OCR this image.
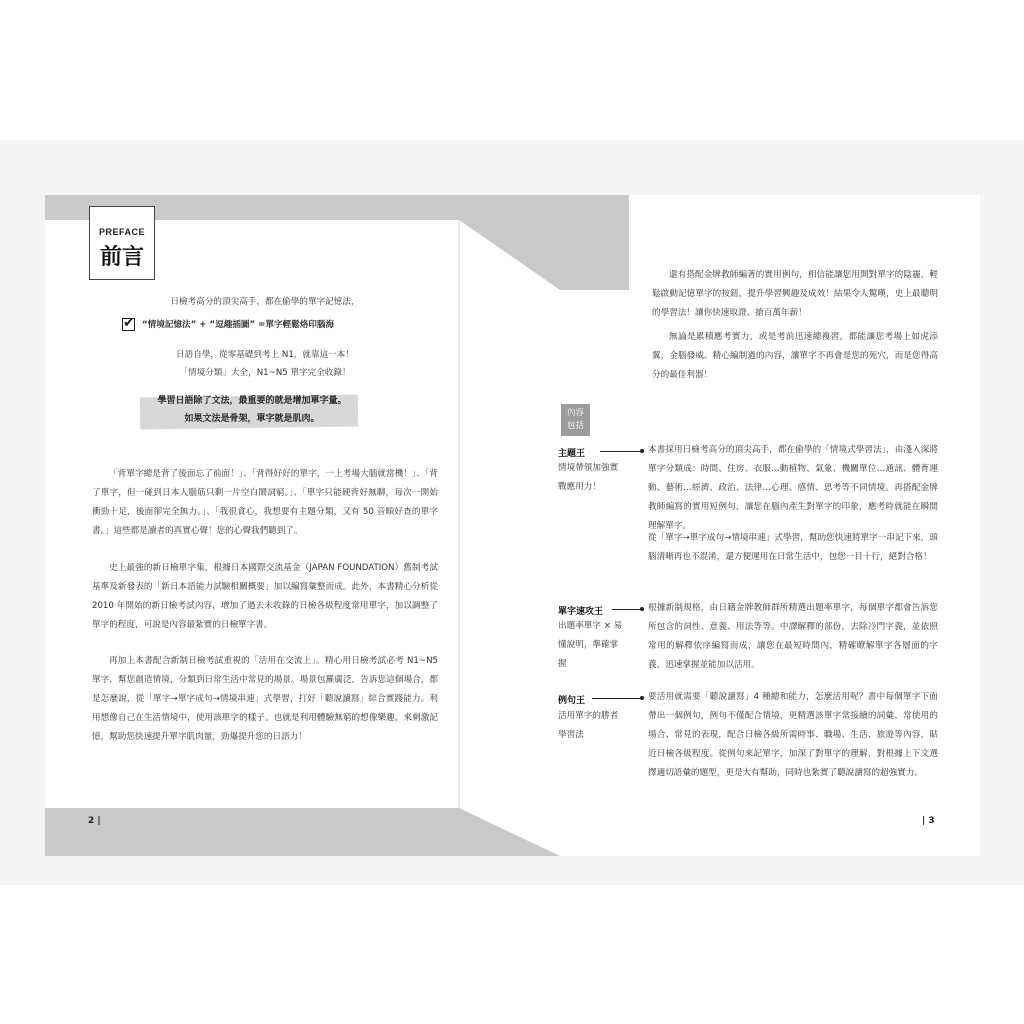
PREFACE
前言
日檢考高分的頂尖高手，都在偷學的單字記憶法，
✔ “情境記憶法” + “逗趣插圖” =單字輕鬆烙印腦海
日語自學，從零基礎到考上 N1，就靠這一本！
「情境分類」大全，N1~N5 單字完全收錄！
學習日語除了文法，最重要的就是增加單字量。
如果文法是骨架，單字就是肌肉。
「背單字總是背了後面忘了前面！」、「背得好好的單字，一上考場大腦就當機！」、「背了單字，但一碰到日本人腦筋只剩一片空白鬧詞窮。」、「單字只能硬背好無聊，每次一開始衝勁十足，後面卻完全無力。」、「我很貪心，我想要有主題分類，又有 50 音順好查的單字書。」這些都是讀者的真實心聲！您的心聲我們聽到了。
史上最強的新日檢單字集，根據日本國際交流基金（JAPAN FOUNDATION）舊制考試基準及新發表的「新日本語能力試驗相關概要」加以編寫彙整而成。此外，本書精心分析從 2010 年開始的新日檢考試內容，增加了過去未收錄的日檢各級程度常用單字，加以調整了單字的程度，可說是內容最紮實的日檢單字書。
再加上本書配合新制日檢考試重視的「活用在交流上」。精心用日檢考試必考 N1~N5 單字，幫您創造情境，分類到日常生活中常見的場景。場景包羅廣泛，告訴您這個場合，都是怎麼說，從「單字→單字成句→情境串連」式學習，打好「聽說讀寫」綜合實踐能力。利用想像自己在生活情境中，使用該單字的樣子。也就是利用體驗無窮的想像樂趣，來刺激記憶，幫助您快速提升單字肌肉量，勁爆提升您的日語力！
2 |	| 3
還有搭配金牌教師編著的實用例句，相信能讓您用開對單字的陰霾，輕鬆啟動記憶單字的按鈕，提升學習興趣及成效！結果令人驚嘆，史上最聰明的學習法！讓你快速取證、搶百萬年薪！
無論是累積應考實力，或是考前迅速總複習，都能讓您考場上如虎添翼，金腦發威。精心編制過的內容，讓單字不再會是您的死穴，而是您得高分的最佳利器！
內容
包括
主題王
情境帶領加強實戰應用力！
本書採用日檢考高分的頂尖高手，都在偷學的「情境式學習法」，由淺入深將單字分類成：時間、住房、衣服…動植物、氣象、機關單位…通訊、體育運動、藝術…經濟、政治、法律…心理、感情、思考等不同情境。再搭配金牌教師編寫的實用短例句，讓您在腦內產生對單字的印象，應考時就能在瞬間理解單字。
從「單字→單字成句→情境串連」式學習，幫助您快速將單字一串記下來，頭腦清晰再也不混淆，還方便運用在日常生活中，包您一目十行，絕對合格！
單字速攻王
出題率單字 × 易懂說明，準確掌握
根據新制規格，由日籍金牌教師群所精選出題率單字，每個單字都會告訴您所包含的詞性、意義、用法等等。中譯解釋的部份，去除冷門字義，並依照常用的解釋依序編寫而成，讓您在最短時間內，精確瞭解單字各層面的字義，迅速掌握並能加以活用。
例句王
活用單字的勝者學習法
要活用就需要「聽說讀寫」4 種總和能力，怎麼活用呢？書中每個單字下面帶出一個例句，例句不僅配合情境，更精選該單字常接續的詞彙、常使用的場合、常見的表現，配合日檢各級所需時事、職場、生活、旅遊等內容，貼近日檢各級程度。從例句來記單字，加深了對單字的理解，對根據上下文選擇適切語彙的題型，更是大有幫助，同時也紮實了聽說讀寫的超強實力。
